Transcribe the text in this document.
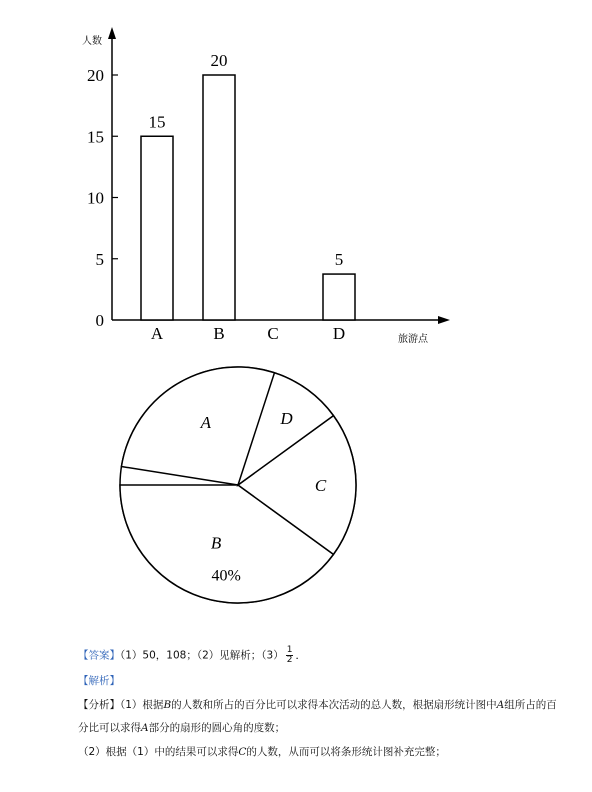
人数
旅游点
0
5
10
15
20
A	B	C	D
15
20
5
A
B
40%
C
D
【答案】（1）50，108；（2）见解析；$(3) \frac{1}{2}$ ．
【解析】
【分析】（1）根据B的人数和所占的百分比可以求得本次活动的总人数，根据扇形统计图中A组所占的百
分比可以求得A部分的扇形的圆心角的度数；
（2）根据（1）中的结果可以求得C的人数，从而可以将条形统计图补充完整；
